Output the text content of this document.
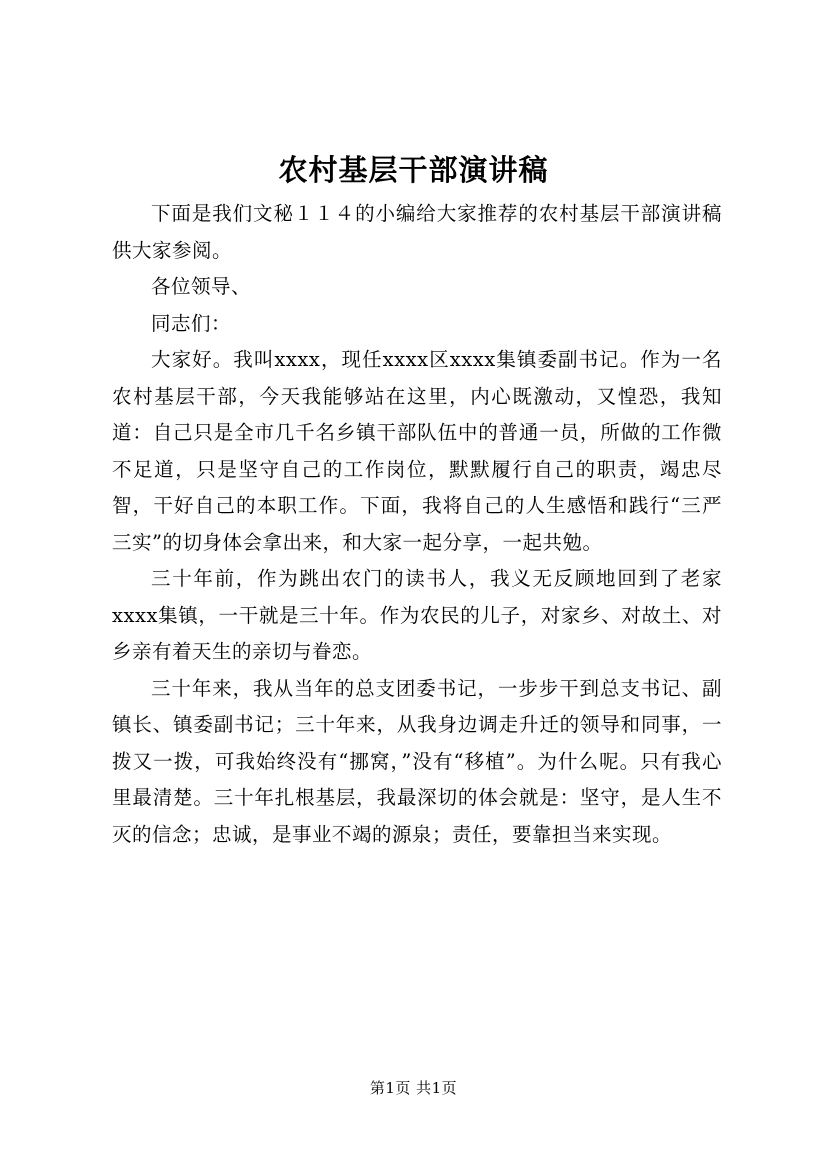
农村基层干部演讲稿

下面是我们文秘１１４的小编给大家推荐的农村基层干部演讲稿供大家参阅。

各位领导、

同志们：

大家好。我叫xxxx，现任xxxx区xxxx集镇委副书记。作为一名农村基层干部，今天我能够站在这里，内心既激动，又惶恐，我知道：自己只是全市几千名乡镇干部队伍中的普通一员，所做的工作微不足道，只是坚守自己的工作岗位，默默履行自己的职责，竭忠尽智，干好自己的本职工作。下面，我将自己的人生感悟和践行“三严三实”的切身体会拿出来，和大家一起分享，一起共勉。

三十年前，作为跳出农门的读书人，我义无反顾地回到了老家xxxx集镇，一干就是三十年。作为农民的儿子，对家乡、对故土、对乡亲有着天生的亲切与眷恋。

三十年来，我从当年的总支团委书记，一步步干到总支书记、副镇长、镇委副书记；三十年来，从我身边调走升迁的领导和同事，一拨又一拨，可我始终没有“挪窝，”没有“移植”。为什么呢。只有我心里最清楚。三十年扎根基层，我最深切的体会就是：坚守，是人生不灭的信念；忠诚，是事业不竭的源泉；责任，要靠担当来实现。

第1页 共1页
